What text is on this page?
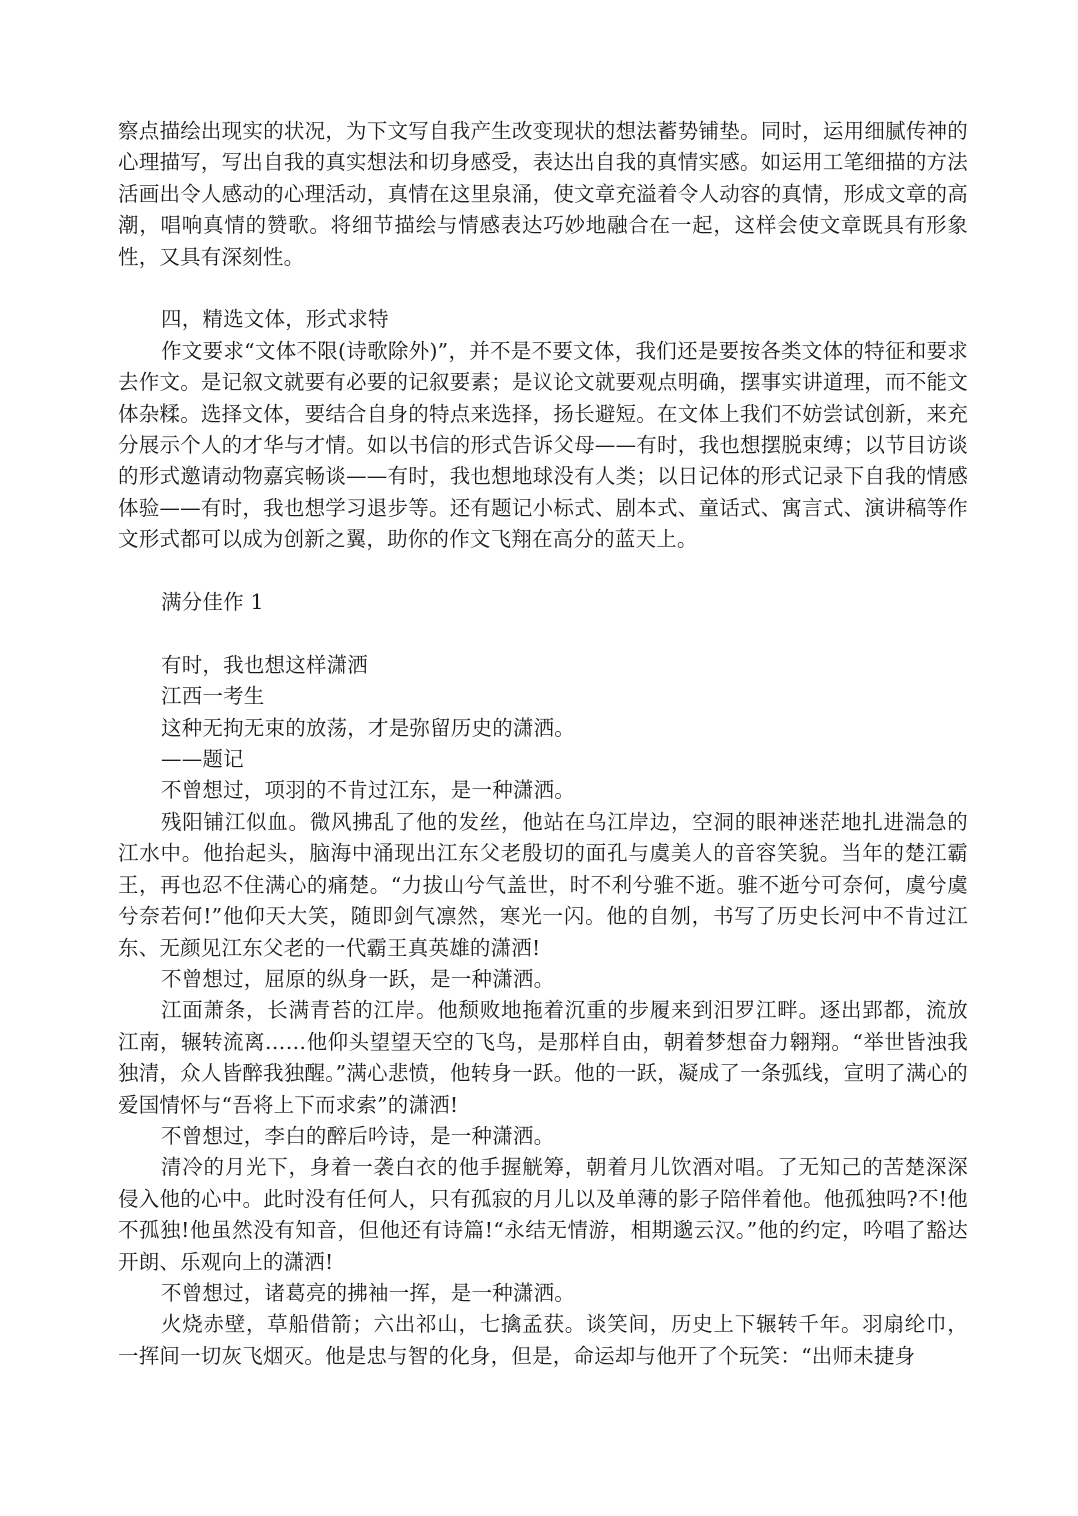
察点描绘出现实的状况，为下文写自我产生改变现状的想法蓄势铺垫。同时，运用细腻传神的心理描写，写出自我的真实想法和切身感受，表达出自我的真情实感。如运用工笔细描的方法活画出令人感动的心理活动，真情在这里泉涌，使文章充溢着令人动容的真情，形成文章的高潮，唱响真情的赞歌。将细节描绘与情感表达巧妙地融合在一起，这样会使文章既具有形象性，又具有深刻性。

四，精选文体，形式求特

作文要求“文体不限(诗歌除外)”，并不是不要文体，我们还是要按各类文体的特征和要求去作文。是记叙文就要有必要的记叙要素；是议论文就要观点明确，摆事实讲道理，而不能文体杂糅。选择文体，要结合自身的特点来选择，扬长避短。在文体上我们不妨尝试创新，来充分展示个人的才华与才情。如以书信的形式告诉父母——有时，我也想摆脱束缚；以节目访谈的形式邀请动物嘉宾畅谈——有时，我也想地球没有人类；以日记体的形式记录下自我的情感体验——有时，我也想学习退步等。还有题记小标式、剧本式、童话式、寓言式、演讲稿等作文形式都可以成为创新之翼，助你的作文飞翔在高分的蓝天上。

满分佳作 1

有时，我也想这样潇洒

江西一考生

这种无拘无束的放荡，才是弥留历史的潇洒。

——题记

不曾想过，项羽的不肯过江东，是一种潇洒。

残阳铺江似血。微风拂乱了他的发丝，他站在乌江岸边，空洞的眼神迷茫地扎进湍急的江水中。他抬起头，脑海中涌现出江东父老殷切的面孔与虞美人的音容笑貌。当年的楚江霸王，再也忍不住满心的痛楚。“力拔山兮气盖世，时不利兮骓不逝。骓不逝兮可奈何，虞兮虞兮奈若何!”他仰天大笑，随即剑气凛然，寒光一闪。他的自刎，书写了历史长河中不肯过江东、无颜见江东父老的一代霸王真英雄的潇洒!

不曾想过，屈原的纵身一跃，是一种潇洒。

江面萧条，长满青苔的江岸。他颓败地拖着沉重的步履来到汨罗江畔。逐出郢都，流放江南，辗转流离……他仰头望望天空的飞鸟，是那样自由，朝着梦想奋力翱翔。“举世皆浊我独清，众人皆醉我独醒。”满心悲愤，他转身一跃。他的一跃，凝成了一条弧线，宣明了满心的爱国情怀与“吾将上下而求索”的潇洒!

不曾想过，李白的醉后吟诗，是一种潇洒。

清冷的月光下，身着一袭白衣的他手握觥筹，朝着月儿饮酒对唱。了无知己的苦楚深深侵入他的心中。此时没有任何人，只有孤寂的月儿以及单薄的影子陪伴着他。他孤独吗?不!他不孤独!他虽然没有知音，但他还有诗篇!“永结无情游，相期邈云汉。”他的约定，吟唱了豁达开朗、乐观向上的潇洒!

不曾想过，诸葛亮的拂袖一挥，是一种潇洒。

火烧赤壁，草船借箭；六出祁山，七擒孟获。谈笑间，历史上下辗转千年。羽扇纶巾，一挥间一切灰飞烟灭。他是忠与智的化身，但是，命运却与他开了个玩笑：“出师未捷身
